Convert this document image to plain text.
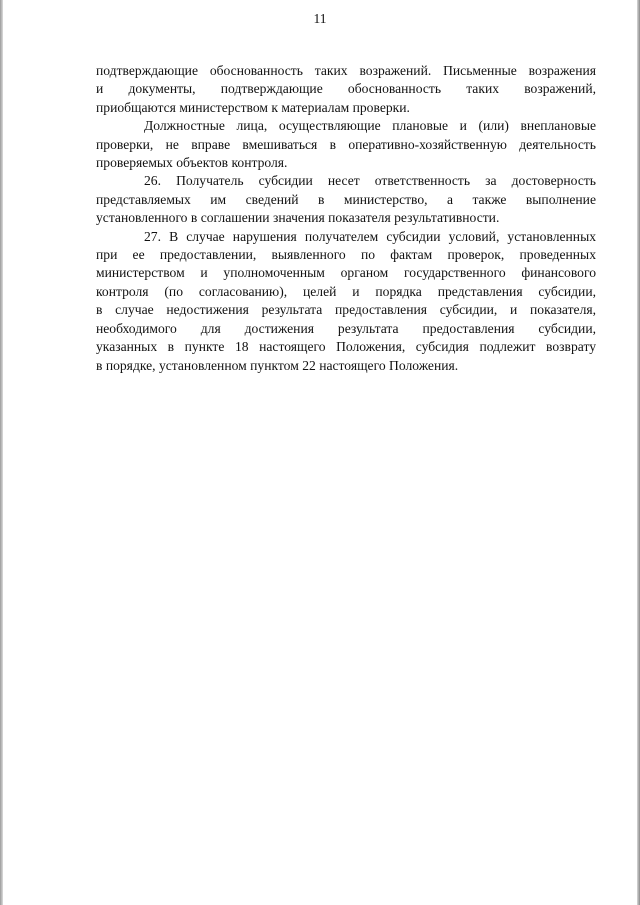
11

подтверждающие обоснованность таких возражений. Письменные возражения
и документы, подтверждающие обоснованность таких возражений,
приобщаются министерством к материалам проверки.

Должностные лица, осуществляющие плановые и (или) внеплановые
проверки, не вправе вмешиваться в оперативно-хозяйственную деятельность
проверяемых объектов контроля.

26. Получатель субсидии несет ответственность за достоверность
представляемых им сведений в министерство, а также выполнение
установленного в соглашении значения показателя результативности.

27. В случае нарушения получателем субсидии условий, установленных
при ее предоставлении, выявленного по фактам проверок, проведенных
министерством и уполномоченным органом государственного финансового
контроля (по согласованию), целей и порядка представления субсидии,
в случае недостижения результата предоставления субсидии, и показателя,
необходимого для достижения результата предоставления субсидии,
указанных в пункте 18 настоящего Положения, субсидия подлежит возврату
в порядке, установленном пунктом 22 настоящего Положения.
